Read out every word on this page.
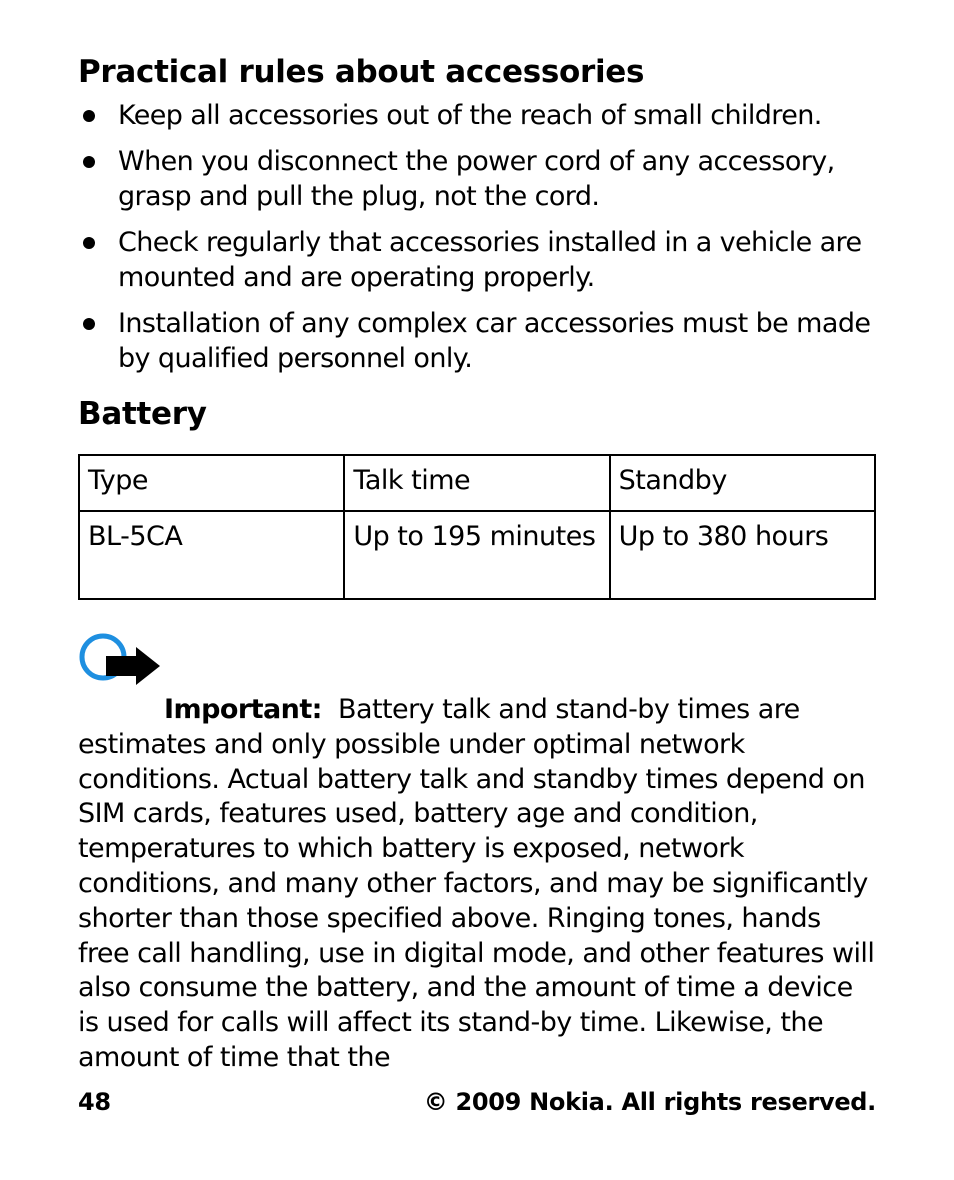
Practical rules about accessories
Keep all accessories out of the reach of small children.
When you disconnect the power cord of any accessory, grasp and pull the plug, not the cord.
Check regularly that accessories installed in a vehicle are mounted and are operating properly.
Installation of any complex car accessories must be made by qualified personnel only.
Battery
Type	Talk time	Standby
BL-5CA	Up to 195 minutes	Up to 380 hours

Important: Battery talk and stand-by times are estimates and only possible under optimal network conditions. Actual battery talk and standby times depend on SIM cards, features used, battery age and condition, temperatures to which battery is exposed, network conditions, and many other factors, and may be significantly shorter than those specified above. Ringing tones, hands free call handling, use in digital mode, and other features will also consume the battery, and the amount of time a device is used for calls will affect its stand-by time. Likewise, the amount of time that the

48	© 2009 Nokia. All rights reserved.
